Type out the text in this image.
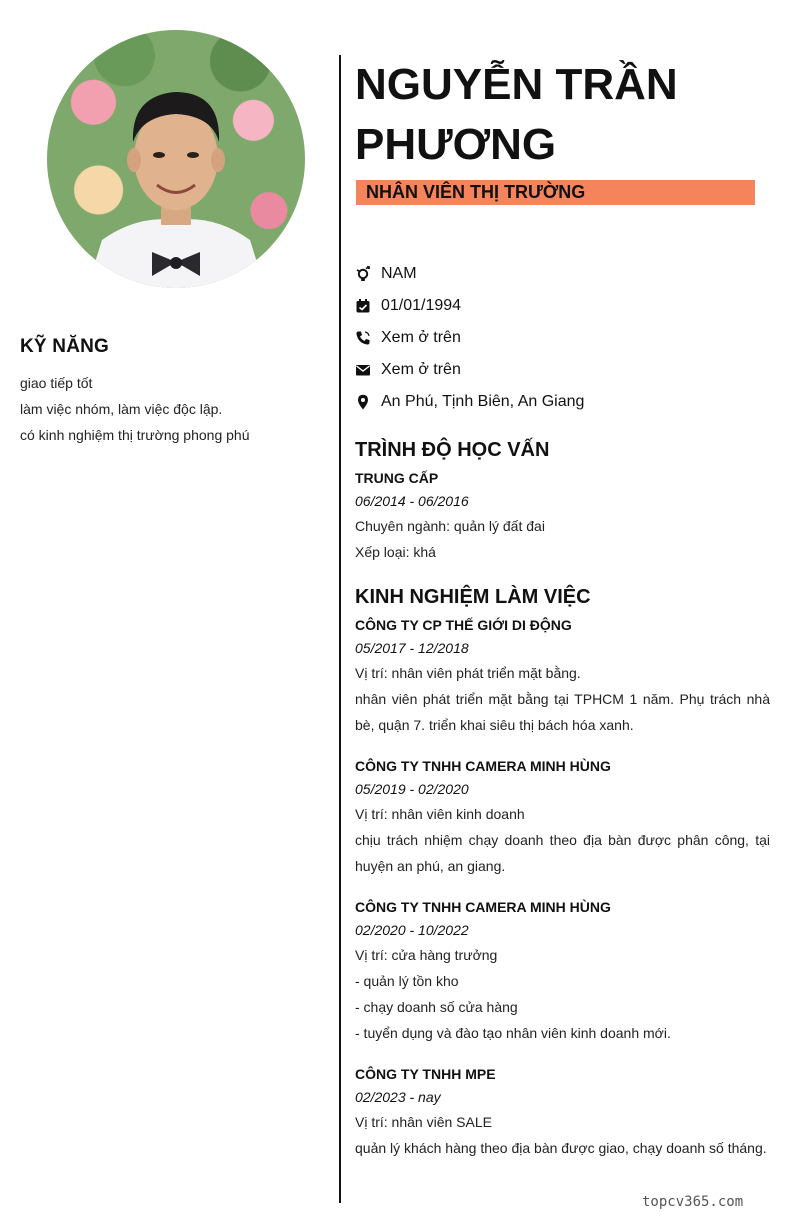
KỸ NĂNG
giao tiếp tốt
làm việc nhóm, làm việc độc lập.
có kinh nghiệm thị trường phong phú
NGUYỄN TRẦN PHƯƠNG
NHÂN VIÊN THỊ TRƯỜNG
NAM
01/01/1994
Xem ở trên
Xem ở trên
An Phú, Tịnh Biên, An Giang
TRÌNH ĐỘ HỌC VẤN
TRUNG CẤP
06/2014 - 06/2016
Chuyên ngành: quản lý đất đai
Xếp loại: khá
KINH NGHIỆM LÀM VIỆC
CÔNG TY CP THẾ GIỚI DI ĐỘNG
05/2017 - 12/2018
Vị trí: nhân viên phát triển mặt bằng.
nhân viên phát triển mặt bằng tại TPHCM 1 năm. Phụ trách nhà bè, quận 7. triển khai siêu thị bách hóa xanh.
CÔNG TY TNHH CAMERA MINH HÙNG
05/2019 - 02/2020
Vị trí: nhân viên kinh doanh
chịu trách nhiệm chạy doanh theo địa bàn được phân công, tại huyện an phú, an giang.
CÔNG TY TNHH CAMERA MINH HÙNG
02/2020 - 10/2022
Vị trí: cửa hàng trưởng
- quản lý tồn kho
- chạy doanh số cửa hàng
- tuyển dụng và đào tạo nhân viên kinh doanh mới.
CÔNG TY TNHH MPE
02/2023 - nay
Vị trí: nhân viên SALE
quản lý khách hàng theo địa bàn được giao, chạy doanh số tháng.
topcv365.com
